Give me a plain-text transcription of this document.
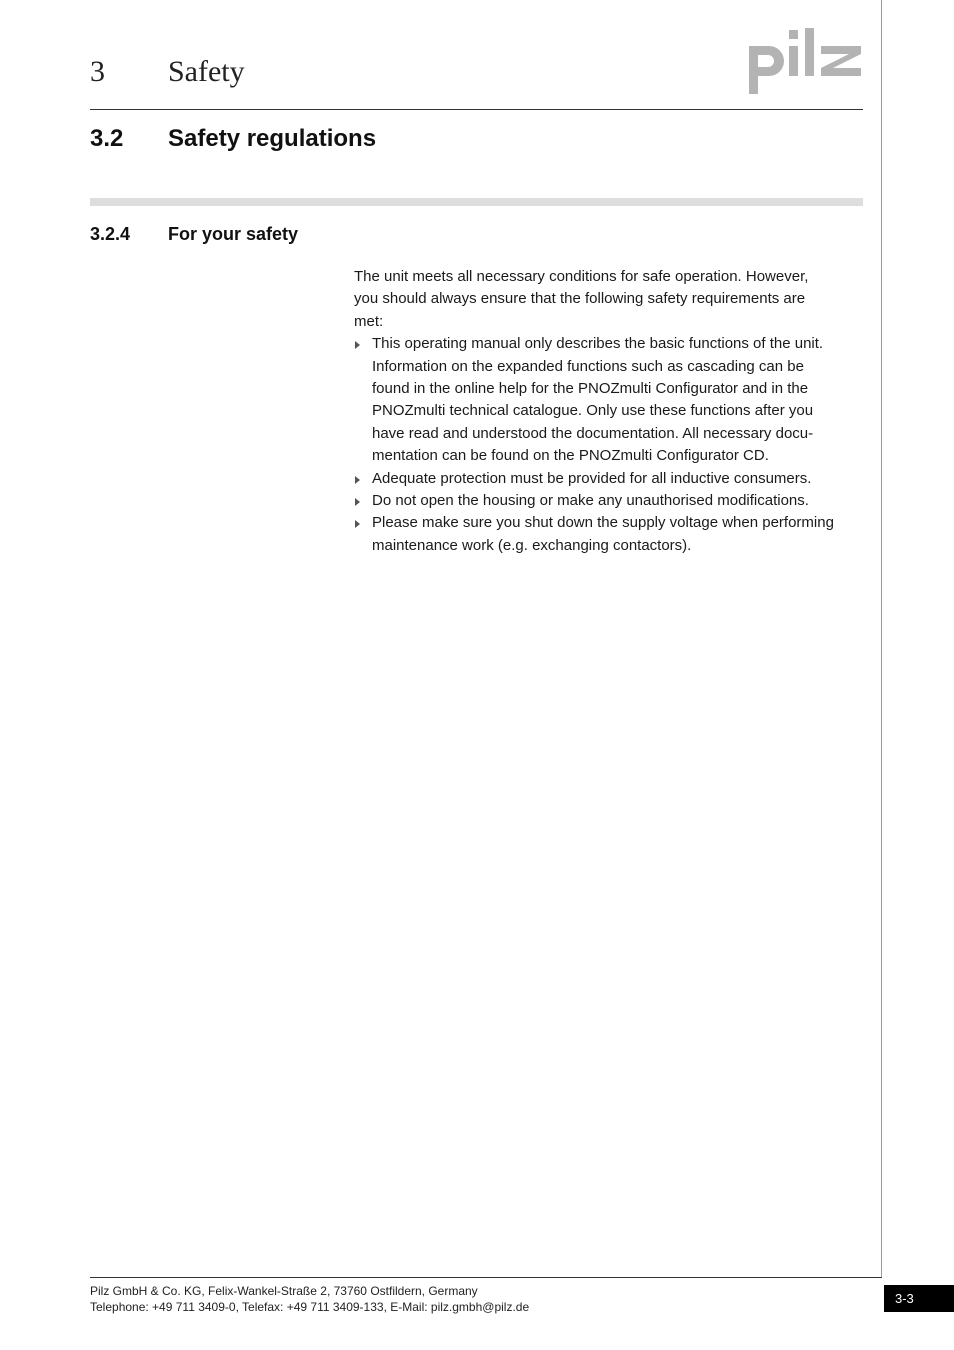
3 Safety
3.2 Safety regulations
3.2.4 For your safety

The unit meets all necessary conditions for safe operation. However,
you should always ensure that the following safety requirements are
met:

This operating manual only describes the basic functions of the unit.
Information on the expanded functions such as cascading can be
found in the online help for the PNOZmulti Configurator and in the
PNOZmulti technical catalogue. Only use these functions after you
have read and understood the documentation. All necessary docu-
mentation can be found on the PNOZmulti Configurator CD.
Adequate protection must be provided for all inductive consumers.
Do not open the housing or make any unauthorised modifications.
Please make sure you shut down the supply voltage when performing
maintenance work (e.g. exchanging contactors).
Pilz GmbH & Co. KG, Felix-Wankel-Straße 2, 73760 Ostfildern, Germany
Telephone: +49 711 3409-0, Telefax: +49 711 3409-133, E-Mail: pilz.gmbh@pilz.de
3-3
